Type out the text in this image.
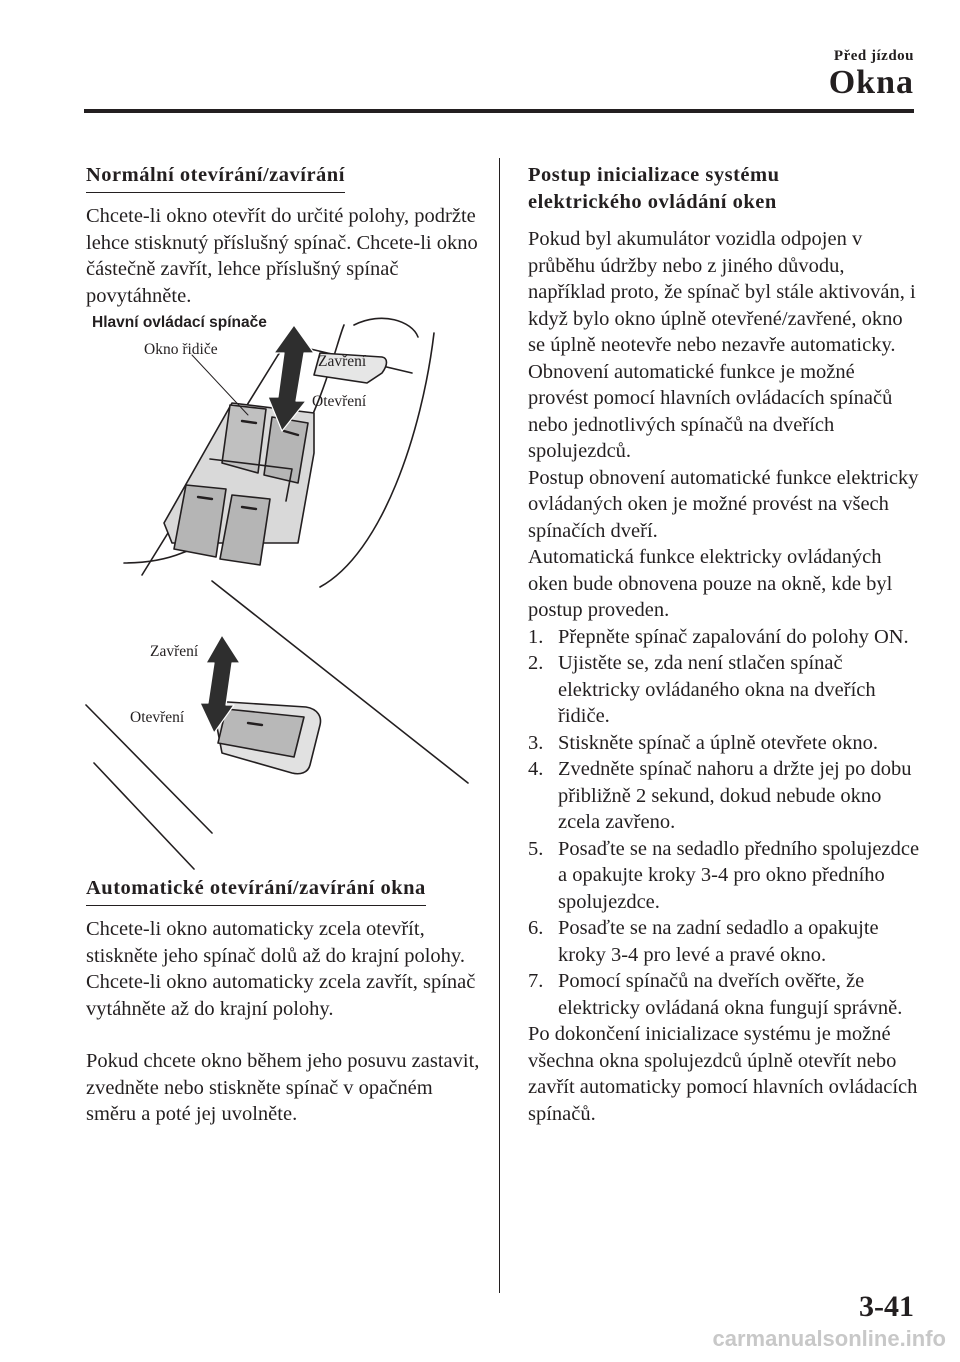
Před jízdou
Okna
Normální otevírání/zavírání

Chcete-li okno otevřít do určité polohy, podržte lehce stisknutý příslušný spínač. Chcete-li okno částečně zavřít, lehce příslušný spínač povytáhněte.

Hlavní ovládací spínače
Okno řidiče
Zavření
Otevření
Zavření
Otevření
Automatické otevírání/zavírání okna

Chcete-li okno automaticky zcela otevřít, stiskněte jeho spínač dolů až do krajní polohy. Chcete-li okno automaticky zcela zavřít, spínač vytáhněte až do krajní polohy.

Pokud chcete okno během jeho posuvu zastavit, zvedněte nebo stiskněte spínač v opačném směru a poté jej uvolněte.

Postup inicializace systému
elektrického ovládání oken

Pokud byl akumulátor vozidla odpojen v průběhu údržby nebo z jiného důvodu, například proto, že spínač byl stále aktivován, i když bylo okno úplně otevřené/zavřené, okno se úplně neotevře nebo nezavře automaticky.

Obnovení automatické funkce je možné provést pomocí hlavních ovládacích spínačů nebo jednotlivých spínačů na dveřích spolujezdců.

Postup obnovení automatické funkce elektricky ovládaných oken je možné provést na všech spínačích dveří.

Automatická funkce elektricky ovládaných oken bude obnovena pouze na okně, kde byl postup proveden.

1. Přepněte spínač zapalování do polohy ON.
2. Ujistěte se, zda není stlačen spínač elektricky ovládaného okna na dveřích řidiče.
3. Stiskněte spínač a úplně otevřete okno.
4. Zvedněte spínač nahoru a držte jej po dobu přibližně 2 sekund, dokud nebude okno zcela zavřeno.
5. Posaďte se na sedadlo předního spolujezdce a opakujte kroky 3-4 pro okno předního spolujezdce.
6. Posaďte se na zadní sedadlo a opakujte kroky 3-4 pro levé a pravé okno.
7. Pomocí spínačů na dveřích ověřte, že elektricky ovládaná okna fungují správně.

Po dokončení inicializace systému je možné všechna okna spolujezdců úplně otevřít nebo zavřít automaticky pomocí hlavních ovládacích spínačů.

3-41
carmanualsonline.info
